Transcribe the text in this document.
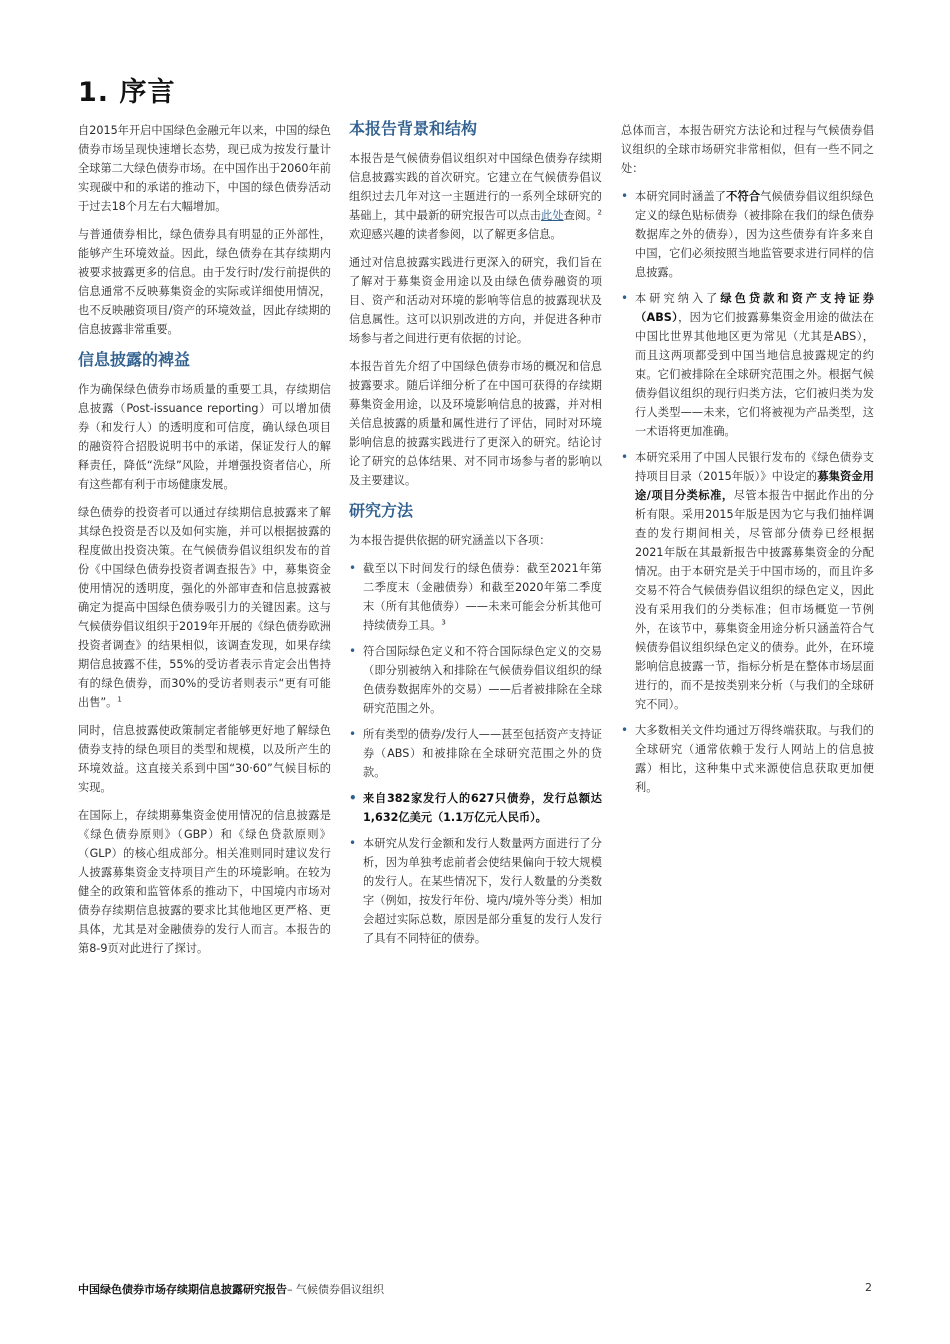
1. 序言

自2015年开启中国绿色金融元年以来，中国的绿色债券市场呈现快速增长态势，现已成为按发行量计全球第二大绿色债券市场。在中国作出于2060年前实现碳中和的承诺的推动下，中国的绿色债券活动于过去18个月左右大幅增加。

与普通债券相比，绿色债券具有明显的正外部性，能够产生环境效益。因此，绿色债券在其存续期内被要求披露更多的信息。由于发行时/发行前提供的信息通常不反映募集资金的实际或详细使用情况，也不反映融资项目/资产的环境效益，因此存续期的信息披露非常重要。

信息披露的裨益

作为确保绿色债券市场质量的重要工具，存续期信息披露（Post-issuance reporting）可以增加债券（和发行人）的透明度和可信度，确认绿色项目的融资符合招股说明书中的承诺，保证发行人的解释责任，降低“洗绿”风险，并增强投资者信心，所有这些都有利于市场健康发展。

绿色债券的投资者可以通过存续期信息披露来了解其绿色投资是否以及如何实施，并可以根据披露的程度做出投资决策。在气候债券倡议组织发布的首份《中国绿色债券投资者调查报告》中，募集资金使用情况的透明度，强化的外部审查和信息披露被确定为提高中国绿色债券吸引力的关键因素。这与气候债券倡议组织于2019年开展的《绿色债券欧洲投资者调查》的结果相似，该调查发现，如果存续期信息披露不佳，55%的受访者表示肯定会出售持有的绿色债券，而30%的受访者则表示“更有可能出售”。$^1$

同时，信息披露使政策制定者能够更好地了解绿色债券支持的绿色项目的类型和规模，以及所产生的环境效益。这直接关系到中国“30·60”气候目标的实现。

在国际上，存续期募集资金使用情况的信息披露是《绿色债券原则》（GBP）和《绿色贷款原则》（GLP）的核心组成部分。相关准则同时建议发行人披露募集资金支持项目产生的环境影响。在较为健全的政策和监管体系的推动下，中国境内市场对债券存续期信息披露的要求比其他地区更严格、更具体，尤其是对金融债券的发行人而言。本报告的第8-9页对此进行了探讨。

本报告背景和结构

本报告是气候债券倡议组织对中国绿色债券存续期信息披露实践的首次研究。它建立在气候债券倡议组织过去几年对这一主题进行的一系列全球研究的基础上，其中最新的研究报告可以点击此处查阅。$^2$ 欢迎感兴趣的读者参阅，以了解更多信息。

通过对信息披露实践进行更深入的研究，我们旨在了解对于募集资金用途以及由绿色债券融资的项目、资产和活动对环境的影响等信息的披露现状及信息属性。这可以识别改进的方向，并促进各种市场参与者之间进行更有依据的讨论。

本报告首先介绍了中国绿色债券市场的概况和信息披露要求。随后详细分析了在中国可获得的存续期募集资金用途，以及环境影响信息的披露，并对相关信息披露的质量和属性进行了评估，同时对环境影响信息的披露实践进行了更深入的研究。结论讨论了研究的总体结果、对不同市场参与者的影响以及主要建议。

研究方法

为本报告提供依据的研究涵盖以下各项：

• 截至以下时间发行的绿色债券：截至2021年第二季度末（金融债券）和截至2020年第二季度末（所有其他债券）——未来可能会分析其他可持续债券工具。$^3$
• 符合国际绿色定义和不符合国际绿色定义的交易（即分别被纳入和排除在气候债券倡议组织的绿色债券数据库外的交易）——后者被排除在全球研究范围之外。
• 所有类型的债券/发行人——甚至包括资产支持证券（ABS）和被排除在全球研究范围之外的贷款。
• 来自382家发行人的627只债券，发行总额达1,632亿美元（1.1万亿元人民币）。
• 本研究从发行金额和发行人数量两方面进行了分析，因为单独考虑前者会使结果偏向于较大规模的发行人。在某些情况下，发行人数量的分类数字（例如，按发行年份、境内/境外等分类）相加会超过实际总数，原因是部分重复的发行人发行了具有不同特征的债券。

总体而言，本报告研究方法论和过程与气候债券倡议组织的全球市场研究非常相似，但有一些不同之处：

• 本研究同时涵盖了不符合气候债券倡议组织绿色定义的绿色贴标债券（被排除在我们的绿色债券数据库之外的债券），因为这些债券有许多来自中国，它们必须按照当地监管要求进行同样的信息披露。
• 本研究纳入了绿色贷款和资产支持证券（ABS），因为它们披露募集资金用途的做法在中国比世界其他地区更为常见（尤其是ABS），而且这两项都受到中国当地信息披露规定的约束。它们被排除在全球研究范围之外。根据气候债券倡议组织的现行归类方法，它们被归类为发行人类型——未来，它们将被视为产品类型，这一术语将更加准确。
• 本研究采用了中国人民银行发布的《绿色债券支持项目目录（2015年版）》中设定的募集资金用途/项目分类标准，尽管本报告中据此作出的分析有限。采用2015年版是因为它与我们抽样调查的发行期间相关，尽管部分债券已经根据2021年版在其最新报告中披露募集资金的分配情况。由于本研究是关于中国市场的，而且许多交易不符合气候债券倡议组织的绿色定义，因此没有采用我们的分类标准；但市场概览一节例外，在该节中，募集资金用途分析只涵盖符合气候债券倡议组织绿色定义的债券。此外，在环境影响信息披露一节，指标分析是在整体市场层面进行的，而不是按类别来分析（与我们的全球研究不同）。
• 大多数相关文件均通过万得终端获取。与我们的全球研究（通常依赖于发行人网站上的信息披露）相比，这种集中式来源使信息获取更加便利。
中国绿色债券市场存续期信息披露研究报告– 气候债券倡议组织	2
